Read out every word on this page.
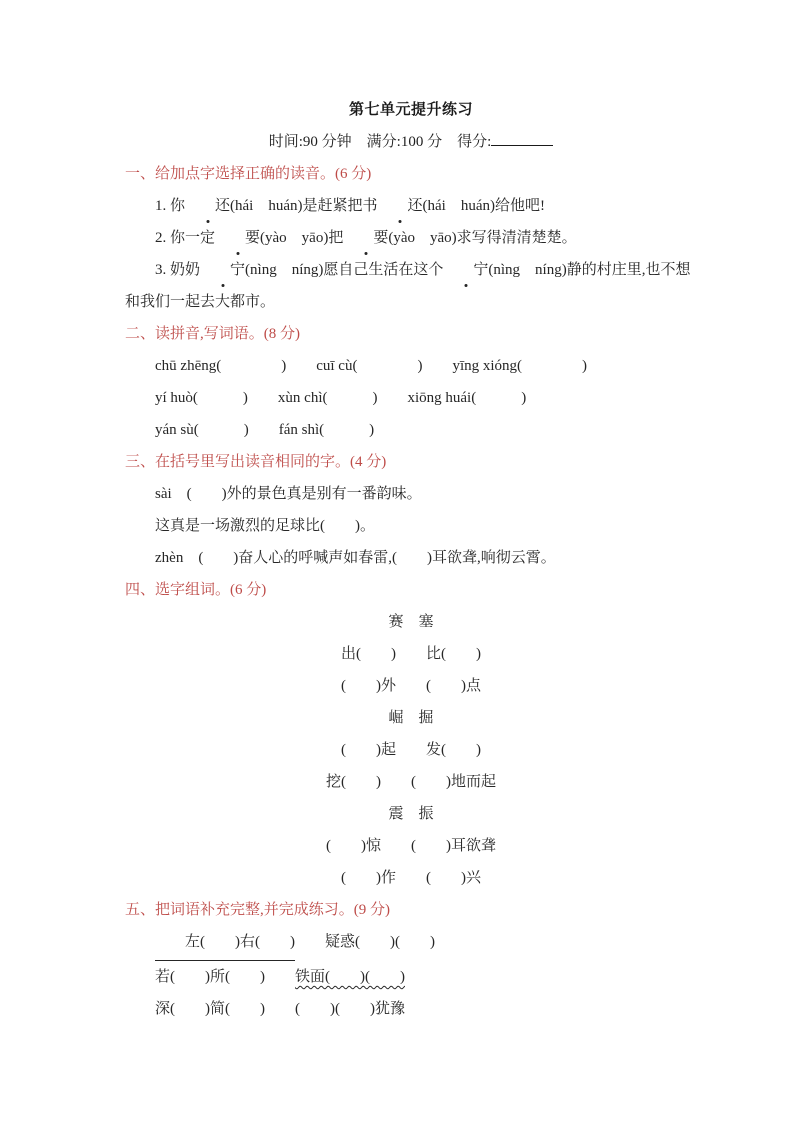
第七单元提升练习

时间:90 分钟　满分:100 分　得分:

一、给加点字选择正确的读音。(6 分)

1. 你 还(hái　huán)是赶紧把书 还(hái　huán)给他吧!

2. 你一定 要(yào　yāo)把 要(yào　yāo)求写得清清楚楚。

3. 奶奶 宁(nìng　níng)愿自己生活在这个 宁(nìng　níng)静的村庄里,也不想

和我们一起去大都市。

二、读拼音,写词语。(8 分)

chū zhēng(　　　　)　　cuī cù(　　　　)　　yīng xióng(　　　　)

yí huò(　　　)　　xùn chì(　　　)　　xiōng huái(　　　)

yán sù(　　　)　　fán shì(　　　)

三、在括号里写出读音相同的字。(4 分)

sài　(　　)外的景色真是别有一番韵味。

这真是一场激烈的足球比(　　)。

zhèn　(　　)奋人心的呼喊声如春雷,(　　)耳欲聋,响彻云霄。

四、选字组词。(6 分)

赛　塞

出(　　)　　比(　　)

(　　)外　　(　　)点

崛　掘

(　　)起　　发(　　)

挖(　　)　　(　　)地而起

震　振

(　　)惊　　(　　)耳欲聋

(　　)作　　(　　)兴

五、把词语补充完整,并完成练习。(9 分)

左(　　)右(　　)　　 疑惑(　　)(　　)

若(　　)所(　　)　　 铁面(　　)(　　)

深(　　)简(　　)　　 (　　)(　　)犹豫
